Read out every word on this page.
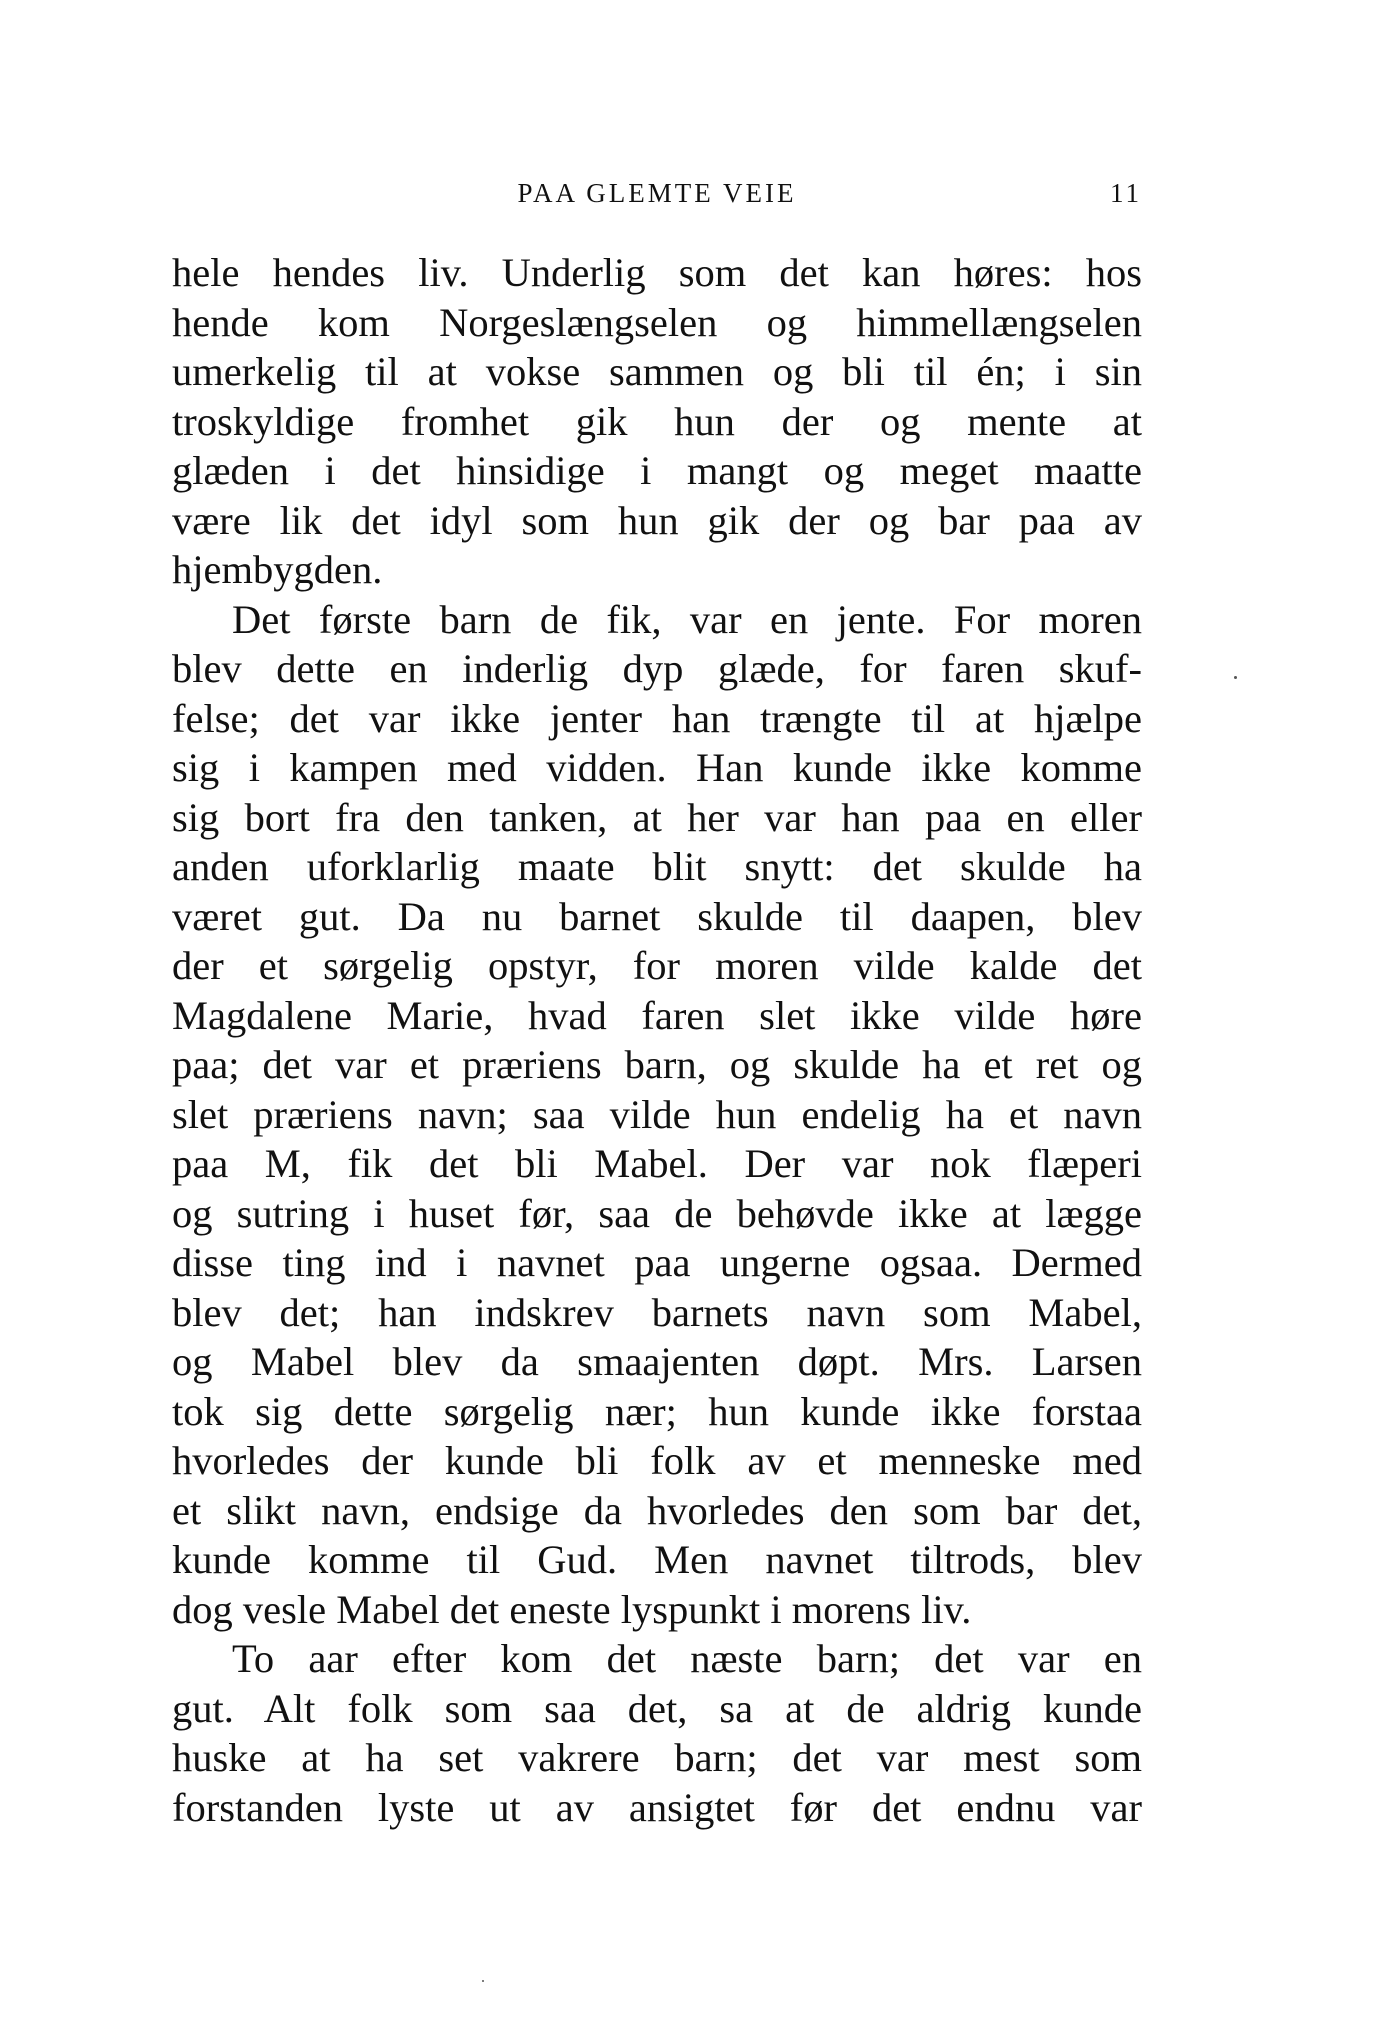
PAA GLEMTE VEIE	11
hele hendes liv. Underlig som det kan høres: hos
hende kom Norgeslængselen og himmellængselen
umerkelig til at vokse sammen og bli til én; i sin
troskyldige fromhet gik hun der og mente at
glæden i det hinsidige i mangt og meget maatte
være lik det idyl som hun gik der og bar paa av
hjembygden.
Det første barn de fik, var en jente. For moren
blev dette en inderlig dyp glæde, for faren skuf-
felse; det var ikke jenter han trængte til at hjælpe
sig i kampen med vidden. Han kunde ikke komme
sig bort fra den tanken, at her var han paa en eller
anden uforklarlig maate blit snytt: det skulde ha
været gut. Da nu barnet skulde til daapen, blev
der et sørgelig opstyr, for moren vilde kalde det
Magdalene Marie, hvad faren slet ikke vilde høre
paa; det var et præriens barn, og skulde ha et ret og
slet præriens navn; saa vilde hun endelig ha et navn
paa M, fik det bli Mabel. Der var nok flæperi
og sutring i huset før, saa de behøvde ikke at lægge
disse ting ind i navnet paa ungerne ogsaa. Dermed
blev det; han indskrev barnets navn som Mabel,
og Mabel blev da smaajenten døpt. Mrs. Larsen
tok sig dette sørgelig nær; hun kunde ikke forstaa
hvorledes der kunde bli folk av et menneske med
et slikt navn, endsige da hvorledes den som bar det,
kunde komme til Gud. Men navnet tiltrods, blev
dog vesle Mabel det eneste lyspunkt i morens liv.
To aar efter kom det næste barn; det var en
gut. Alt folk som saa det, sa at de aldrig kunde
huske at ha set vakrere barn; det var mest som
forstanden lyste ut av ansigtet før det endnu var
